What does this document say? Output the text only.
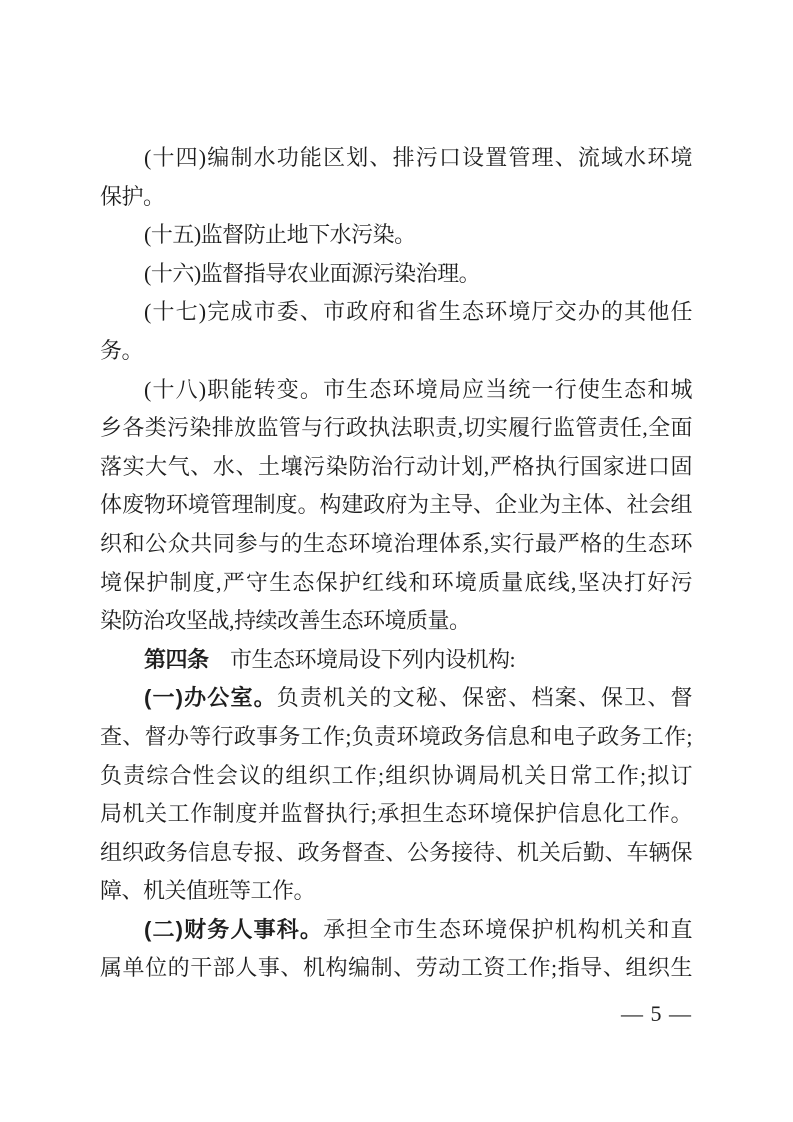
(十四)编制水功能区划、排污口设置管理、流域水环境
保护。
(十五)监督防止地下水污染。
(十六)监督指导农业面源污染治理。
(十七)完成市委、市政府和省生态环境厅交办的其他任
务。
(十八)职能转变。市生态环境局应当统一行使生态和城
乡各类污染排放监管与行政执法职责,切实履行监管责任,全面
落实大气、水、土壤污染防治行动计划,严格执行国家进口固
体废物环境管理制度。构建政府为主导、企业为主体、社会组
织和公众共同参与的生态环境治理体系,实行最严格的生态环
境保护制度,严守生态保护红线和环境质量底线,坚决打好污
染防治攻坚战,持续改善生态环境质量。
第四条　市生态环境局设下列内设机构:
(一)办公室。负责机关的文秘、保密、档案、保卫、督
查、督办等行政事务工作;负责环境政务信息和电子政务工作;
负责综合性会议的组织工作;组织协调局机关日常工作;拟订
局机关工作制度并监督执行;承担生态环境保护信息化工作。
组织政务信息专报、政务督查、公务接待、机关后勤、车辆保
障、机关值班等工作。
(二)财务人事科。承担全市生态环境保护机构机关和直
属单位的干部人事、机构编制、劳动工资工作;指导、组织生
— 5 —
